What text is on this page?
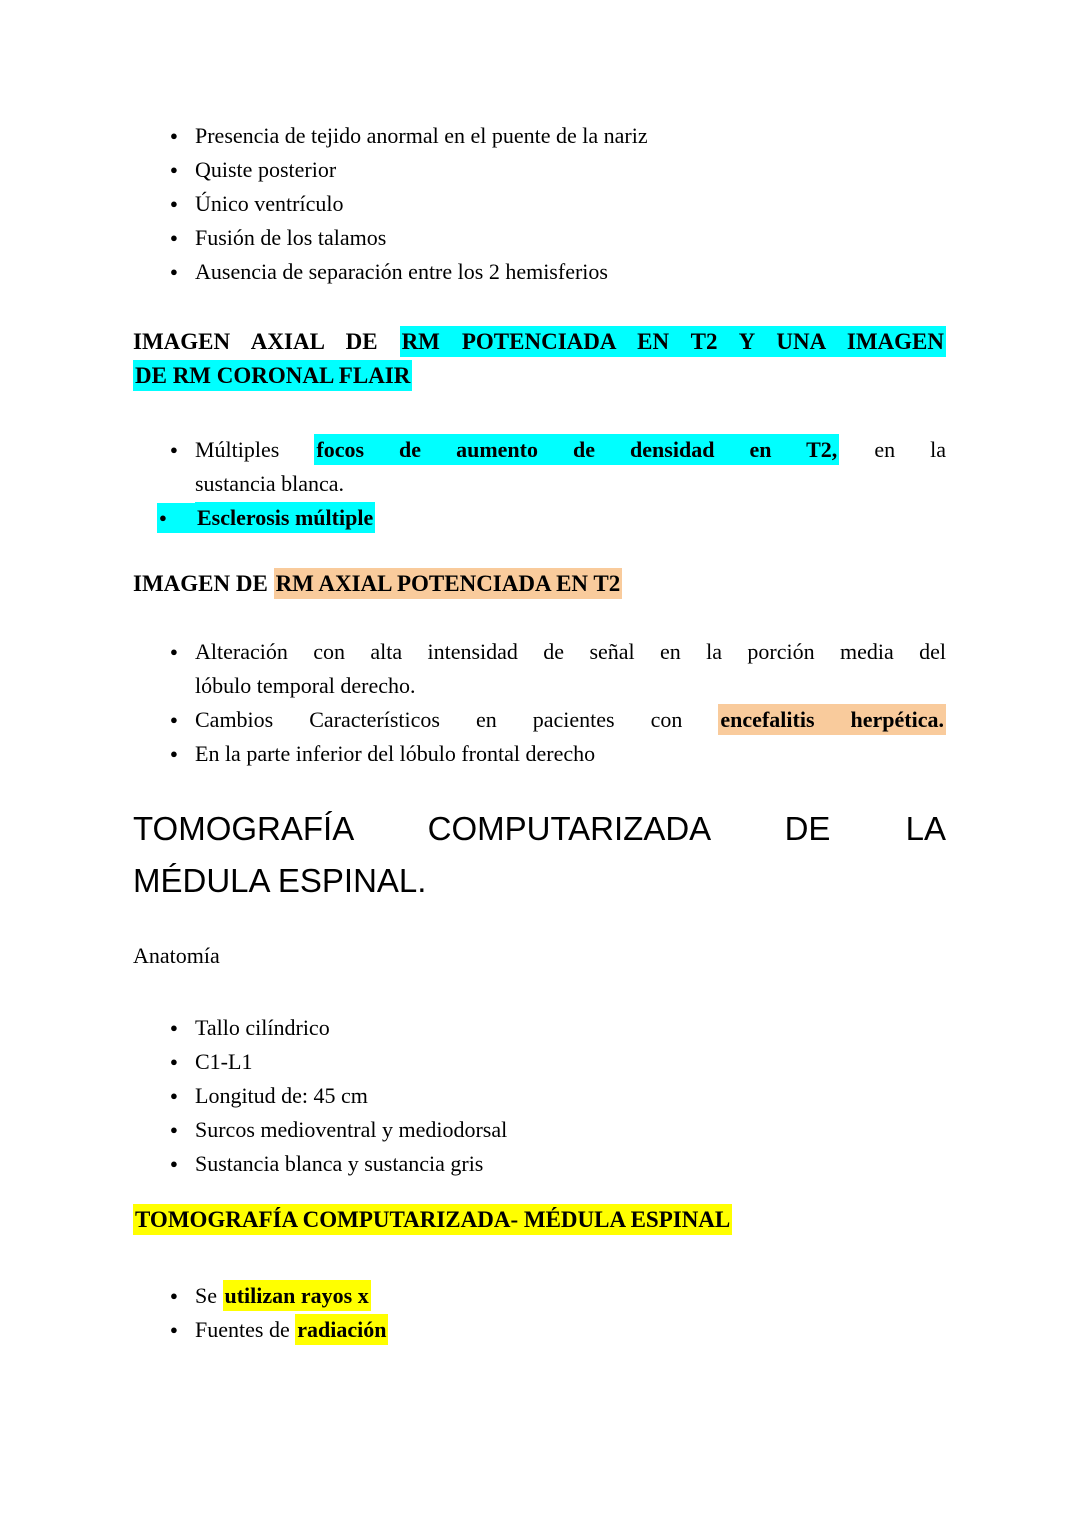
● Presencia de tejido anormal en el puente de la nariz
● Quiste posterior
● Único ventrículo
● Fusión de los talamos
● Ausencia de separación entre los 2 hemisferios
IMAGEN AXIAL DE RM POTENCIADA EN T2 Y UNA IMAGEN
DE RM CORONAL FLAIR
● Múltiples focos de aumento de densidad en T2, en la
sustancia blanca.
●	Esclerosis múltiple
IMAGEN DE RM AXIAL POTENCIADA EN T2
● Alteración con alta intensidad de señal en la porción media del
lóbulo temporal derecho.
● Cambios Característicos en pacientes con encefalitis herpética.
● En la parte inferior del lóbulo frontal derecho
TOMOGRAFÍA COMPUTARIZADA DE LA
MÉDULA ESPINAL.
Anatomía
● Tallo cilíndrico
● C1-L1
● Longitud de: 45 cm
● Surcos medioventral y mediodorsal
● Sustancia blanca y sustancia gris
TOMOGRAFÍA COMPUTARIZADA- MÉDULA ESPINAL
● Se utilizan rayos x
● Fuentes de radiación
